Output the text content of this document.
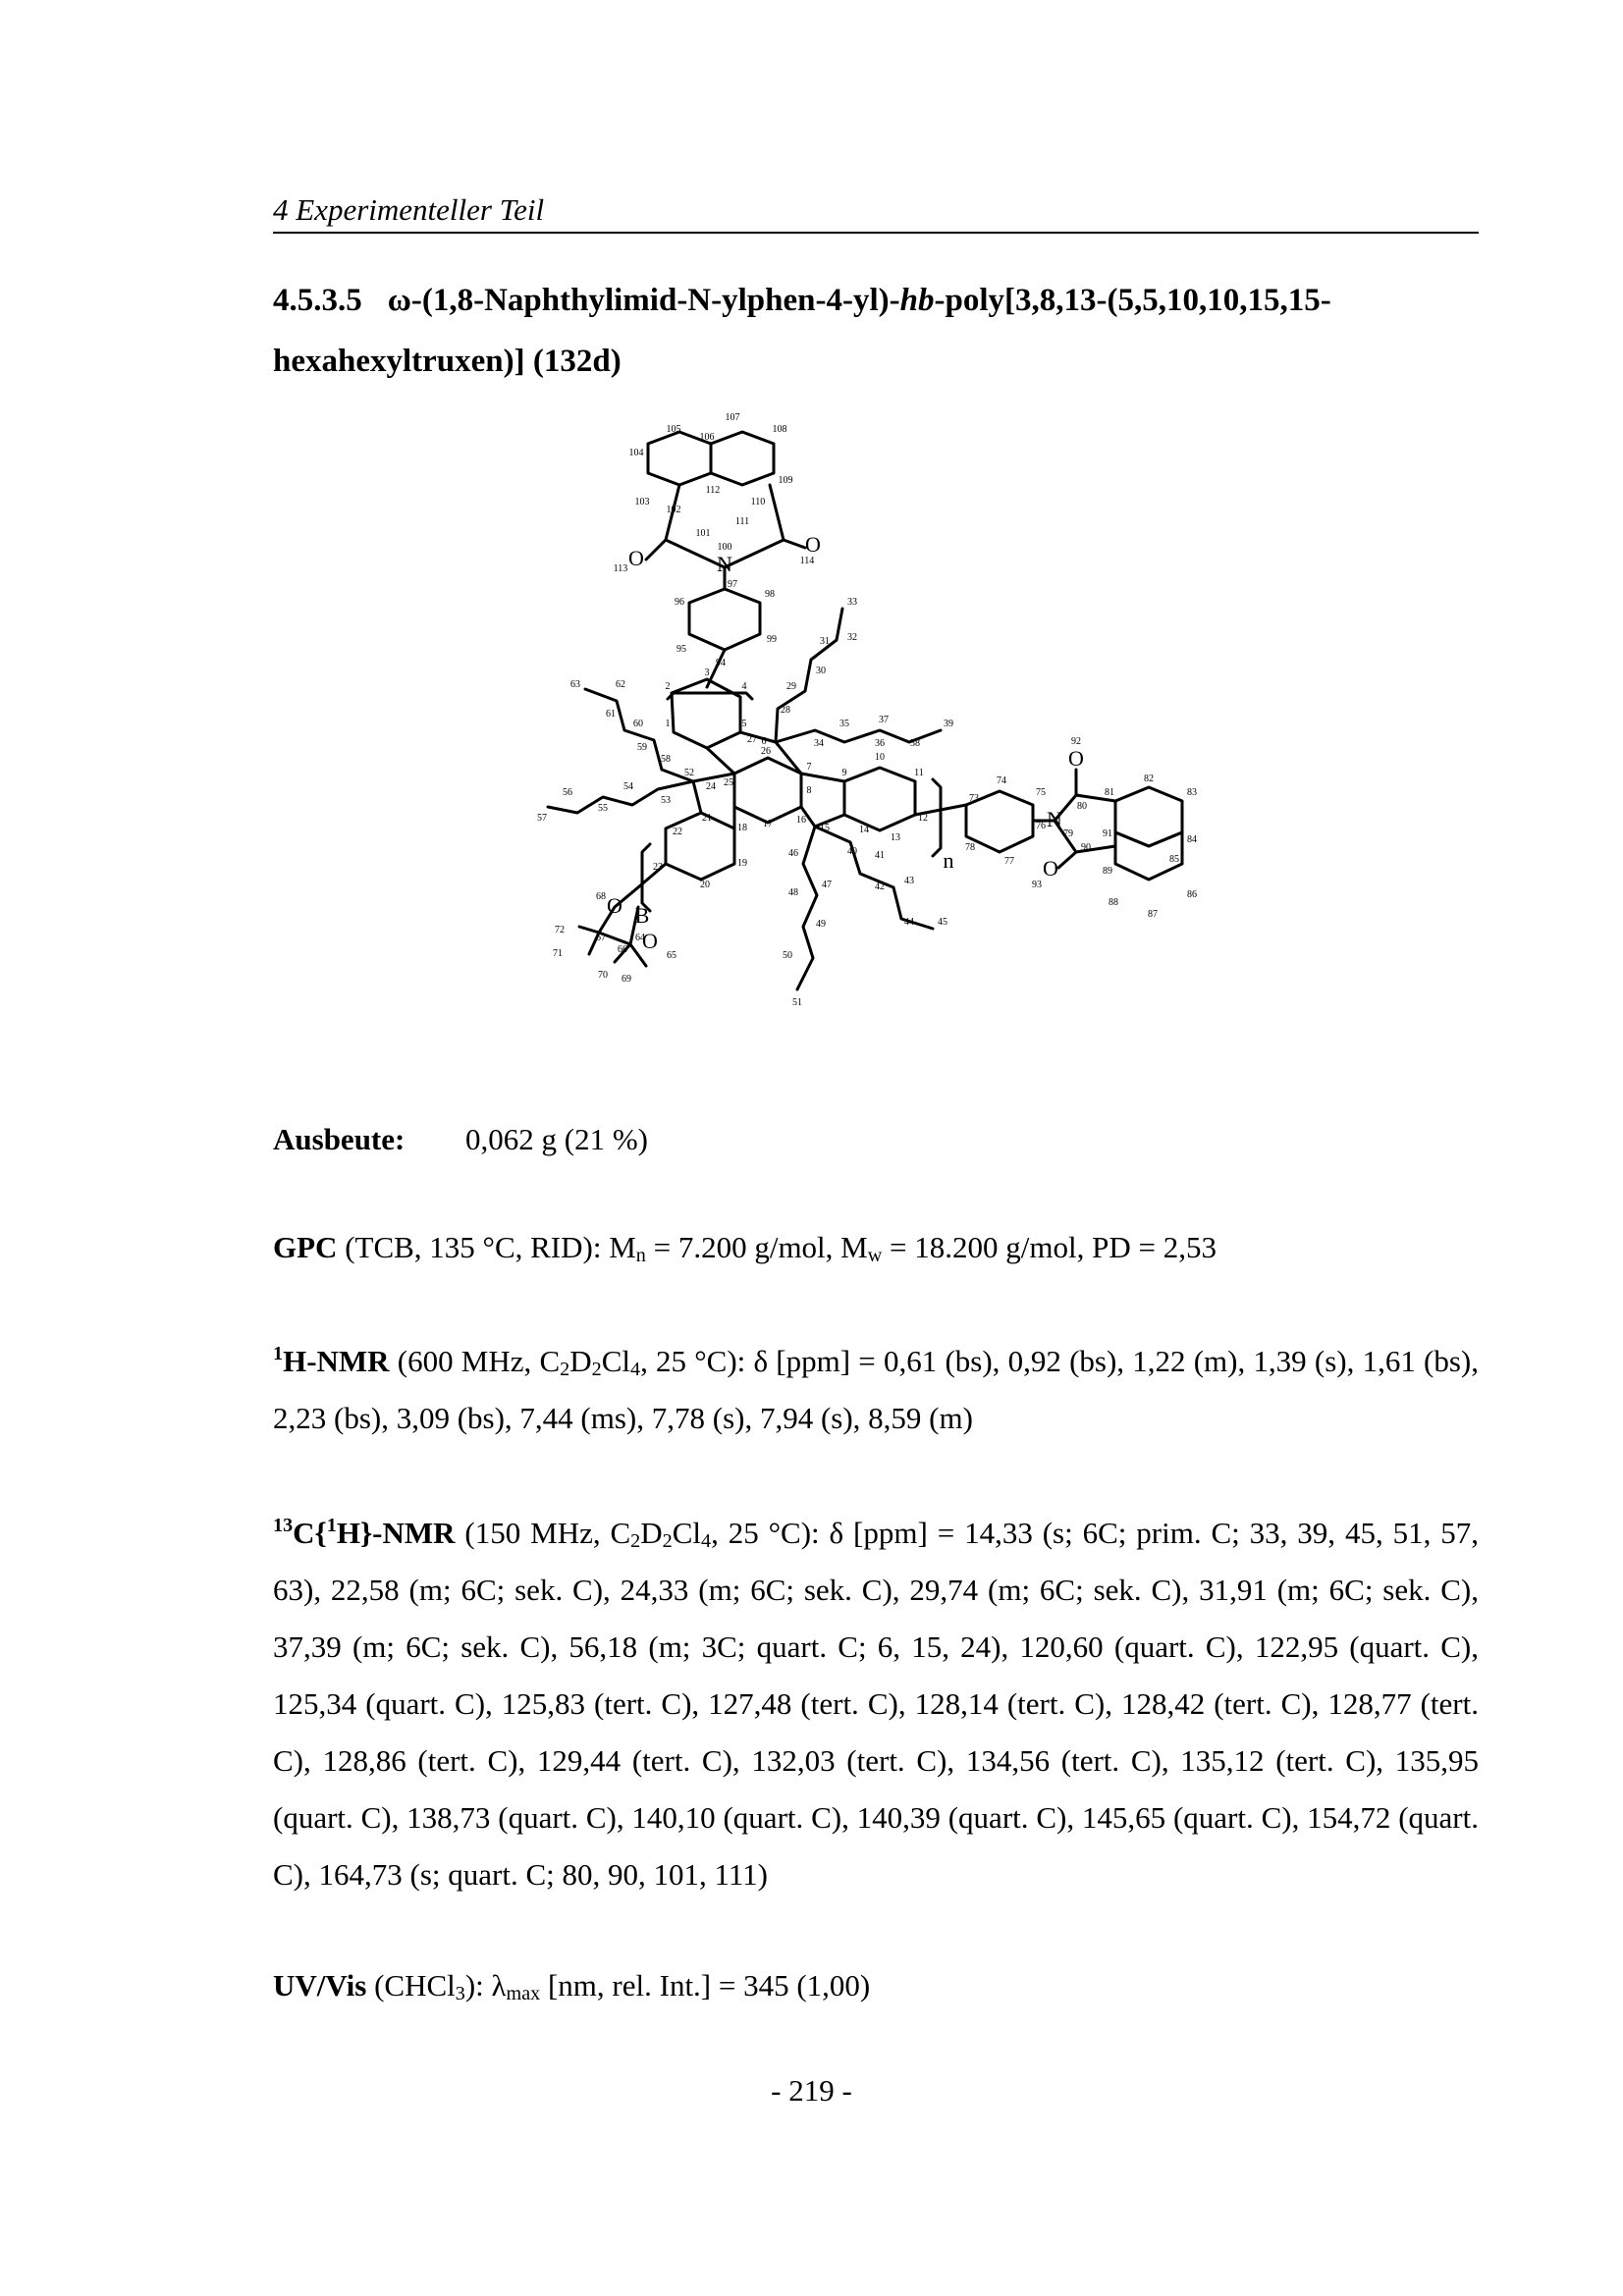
4 Experimenteller Teil
4.5.3.5 ω-(1,8-Naphthylimid-N-ylphen-4-yl)-hb-poly[3,8,13-(5,5,10,10,15,15-hexahexyltruxen)] (132d)
O
O
N
O
O
N
O
O
B
n
1
2
3
4
5
6
7
8
9
10
11
12
13
14
15
16
17
18
19
20
21
22
23
24 25
26
27
28
29
30
31 32
33
34
35
36
37
38
39
40 41
42
43
44 45
46
47
48
49
50
51
52
53
54
55
56
57
58
59
60
61
62
63
64
65
66
67
68
69
70
71
72
73
74
75
76
77
78
79
80
81
82
83
84
85
86
87
88
89
90
91
92
93
94
95
96
97
98
99
100
101
102
103
104
105
106
107
108
109
110
111
112
113
114
Ausbeute: 0,062 g (21 %)
GPC (TCB, 135 °C, RID): $M_n = 7.200$ g/mol, $M_w = 18.200$ g/mol, PD = 2,53
$^1$H-NMR (600 MHz, $C_2D_2Cl_4$, 25 °C): δ [ppm] = 0,61 (bs), 0,92 (bs), 1,22 (m), 1,39 (s), 1,61 (bs), 2,23 (bs), 3,09 (bs), 7,44 (ms), 7,78 (s), 7,94 (s), 8,59 (m)
$^{13}$C{$^1$H}-NMR (150 MHz, $C_2D_2Cl_4$, 25 °C): δ [ppm] = 14,33 (s; 6C; prim. C; 33, 39, 45, 51, 57, 63), 22,58 (m; 6C; sek. C), 24,33 (m; 6C; sek. C), 29,74 (m; 6C; sek. C), 31,91 (m; 6C; sek. C), 37,39 (m; 6C; sek. C), 56,18 (m; 3C; quart. C; 6, 15, 24), 120,60 (quart. C), 122,95 (quart. C), 125,34 (quart. C), 125,83 (tert. C), 127,48 (tert. C), 128,14 (tert. C), 128,42 (tert. C), 128,77 (tert. C), 128,86 (tert. C), 129,44 (tert. C), 132,03 (tert. C), 134,56 (tert. C), 135,12 (tert. C), 135,95 (quart. C), 138,73 (quart. C), 140,10 (quart. C), 140,39 (quart. C), 145,65 (quart. C), 154,72 (quart. C), 164,73 (s; quart. C; 80, 90, 101, 111)
UV/Vis (CHCl$_3$): $\lambda_{max}$ [nm, rel. Int.] = 345 (1,00)
- 219 -
